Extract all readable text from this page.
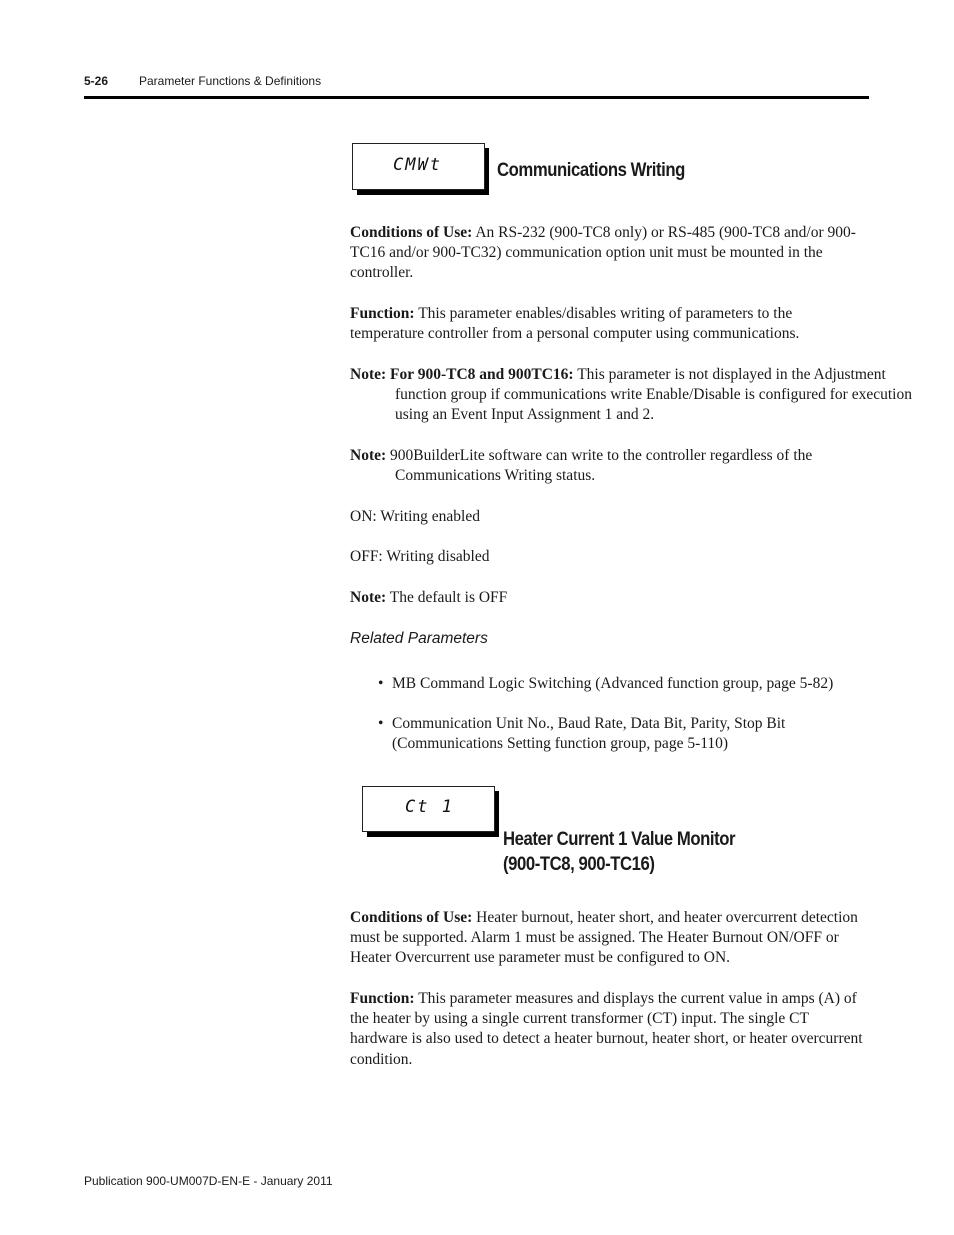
5-26	Parameter Functions & Definitions
CMWt	Communications Writing
Conditions of Use: An RS-232 (900-TC8 only) or RS-485 (900-TC8 and/or 900-TC16 and/or 900-TC32) communication option unit must be mounted in the controller.
Function: This parameter enables/disables writing of parameters to the temperature controller from a personal computer using communications.
Note: For 900-TC8 and 900TC16: This parameter is not displayed in the Adjustment function group if communications write Enable/Disable is configured for execution using an Event Input Assignment 1 and 2.
Note: 900BuilderLite software can write to the controller regardless of the Communications Writing status.
ON: Writing enabled
OFF: Writing disabled
Note: The default is OFF
Related Parameters
• MB Command Logic Switching (Advanced function group, page 5-82)
• Communication Unit No., Baud Rate, Data Bit, Parity, Stop Bit (Communications Setting function group, page 5-110)
Ct 1
Heater Current 1 Value Monitor
(900-TC8, 900-TC16)
Conditions of Use: Heater burnout, heater short, and heater overcurrent detection must be supported. Alarm 1 must be assigned. The Heater Burnout ON/OFF or Heater Overcurrent use parameter must be configured to ON.
Function: This parameter measures and displays the current value in amps (A) of the heater by using a single current transformer (CT) input. The single CT hardware is also used to detect a heater burnout, heater short, or heater overcurrent condition.
Publication 900-UM007D-EN-E - January 2011
